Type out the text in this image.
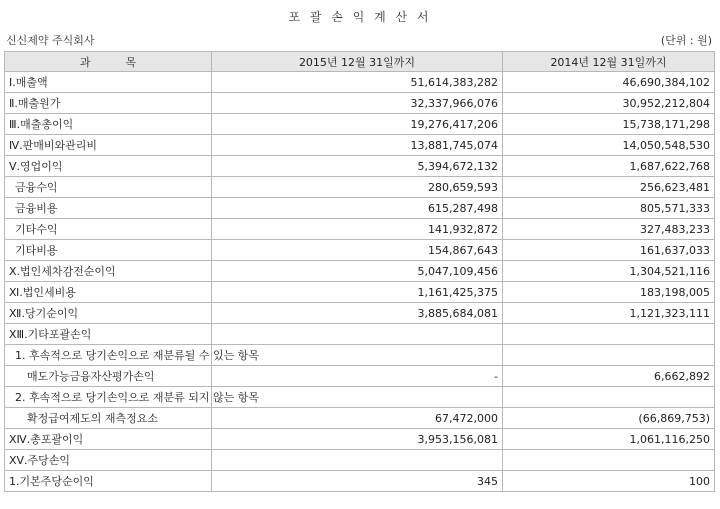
포 괄 손 익 계 산 서
신신제약 주식회사	(단위 : 원)
과          목	2015년 12월 31일까지	2014년 12월 31일까지
Ⅰ.매출액	51,614,383,282	46,690,384,102
Ⅱ.매출원가	32,337,966,076	30,952,212,804
Ⅲ.매출총이익	19,276,417,206	15,738,171,298
Ⅳ.판매비와관리비	13,881,745,074	14,050,548,530
Ⅴ.영업이익	5,394,672,132	1,687,622,768
금융수익	280,659,593	256,623,481
금융비용	615,287,498	805,571,333
기타수익	141,932,872	327,483,233
기타비용	154,867,643	161,637,033
Ⅹ.법인세차감전순이익	5,047,109,456	1,304,521,116
Ⅺ.법인세비용	1,161,425,375	183,198,005
Ⅻ.당기순이익	3,885,684,081	1,121,323,111
ⅩⅢ.기타포괄손익		
1. 후속적으로 당기손익으로 재분류될 수 있는 항목		
매도가능금융자산평가손익	-	6,662,892
2. 후속적으로 당기손익으로 재분류 되지 않는 항목		
확정급여제도의 재측정요소	67,472,000	(66,869,753)
ⅩⅣ.총포괄이익	3,953,156,081	1,061,116,250
ⅩⅤ.주당손익		
1.기본주당순이익	345	100
